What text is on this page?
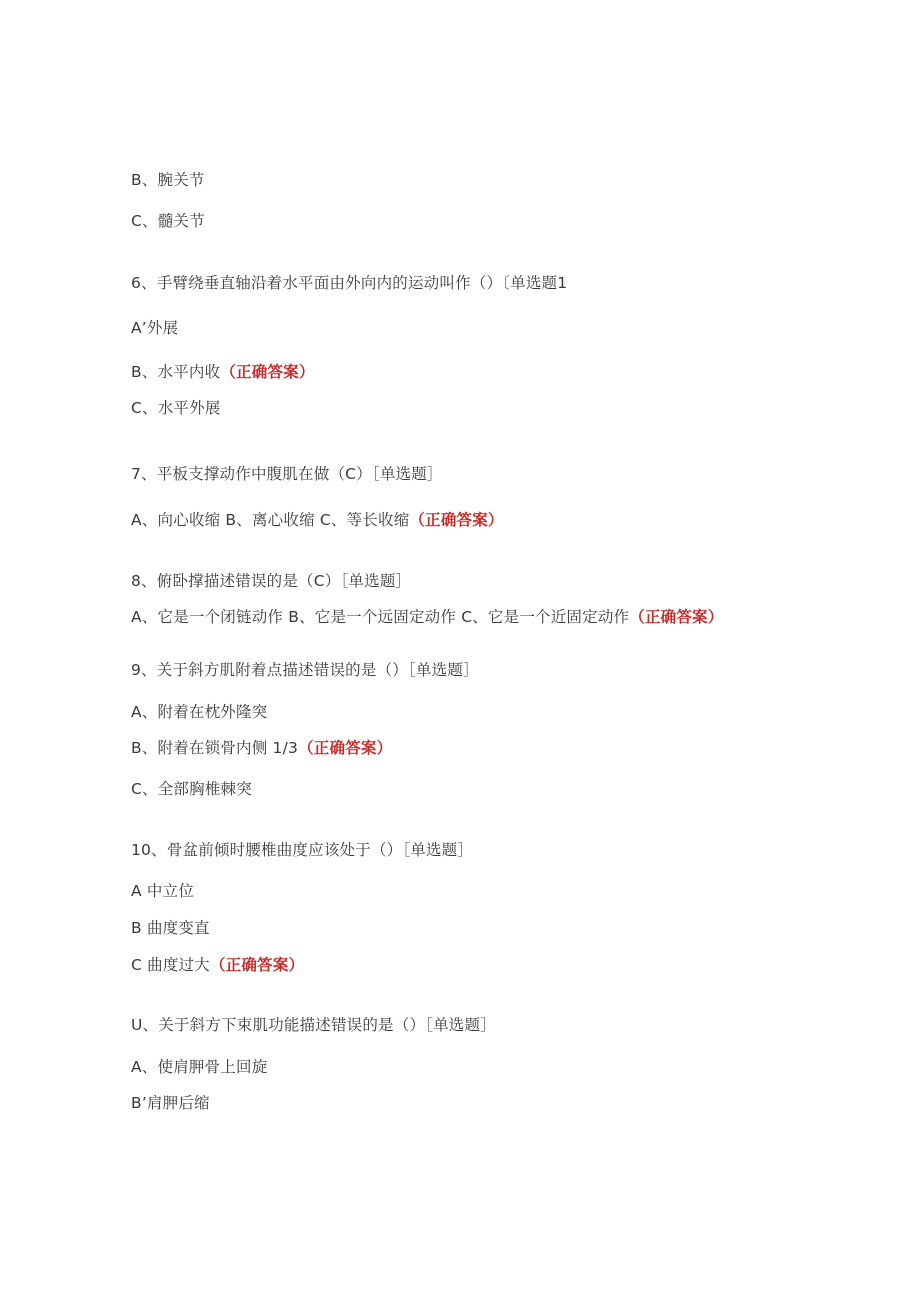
B、腕关节
C、髓关节
6、手臂绕垂直轴沿着水平面由外向内的运动叫作（）〔单选题1
A’外展
B、水平内收（正确答案）
C、水平外展
7、平板支撑动作中腹肌在做（C）［单选题］
A、向心收缩 B、离心收缩 C、等长收缩（正确答案）
8、俯卧撑描述错误的是（C）［单选题］
A、它是一个闭链动作 B、它是一个远固定动作 C、它是一个近固定动作（正确答案）
9、关于斜方肌附着点描述错误的是（）［单选题］
A、附着在枕外隆突
B、附着在锁骨内侧 1/3（正确答案）
C、全部胸椎棘突
10、骨盆前倾时腰椎曲度应该处于（）［单选题］
A 中立位
B 曲度变直
C 曲度过大（正确答案）
U、关于斜方下束肌功能描述错误的是（）［单选题］
A、使肩胛骨上回旋
B’肩胛后缩
